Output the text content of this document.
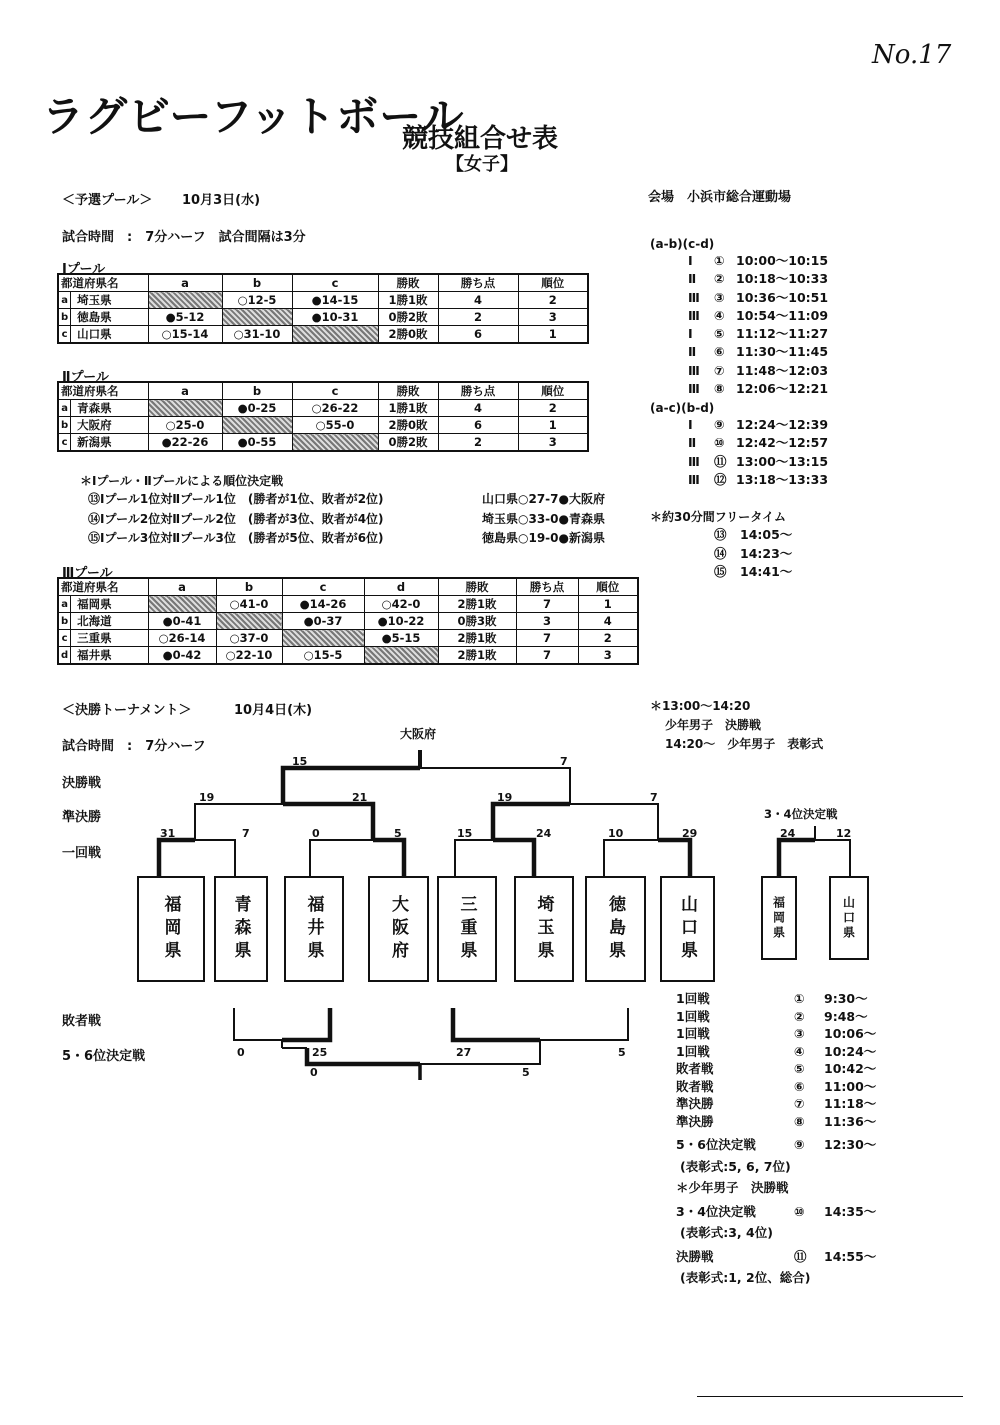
No.17
ラグビーフットボール
競技組合せ表
【女子】
＜予選プール＞ 10月3日(水)	会場　小浜市総合運動場
試合時間　:　7分ハーフ　試合間隔は3分
Ⅰプール
都道府県名		a	b	c	勝敗	勝ち点	順位
a	埼玉県		○12-5	●14-15	1勝1敗	4	2
b	徳島県	●5-12		●10-31	0勝2敗	2	3
c	山口県	○15-14	○31-10		2勝0敗	6	1
Ⅱプール
都道府県名		a	b	c	勝敗	勝ち点	順位
a	青森県		●0-25	○26-22	1勝1敗	4	2
b	大阪府	○25-0		○55-0	2勝0敗	6	1
c	新潟県	●22-26	●0-55		0勝2敗	2	3
＊Ⅰプール・Ⅱプールによる順位決定戦
⑬Ⅰプール1位対Ⅱプール1位　(勝者が1位、敗者が2位)	山口県○27-7●大阪府
⑭Ⅰプール2位対Ⅱプール2位　(勝者が3位、敗者が4位)	埼玉県○33-0●青森県
⑮Ⅰプール3位対Ⅱプール3位　(勝者が5位、敗者が6位)	徳島県○19-0●新潟県
Ⅲプール
都道府県名		a	b	c	d	勝敗	勝ち点	順位
a	福岡県		○41-0	●14-26	○42-0	2勝1敗	7	1
b	北海道	●0-41		●0-37	●10-22	0勝3敗	3	4
c	三重県	○26-14	○37-0		●5-15	2勝1敗	7	2
d	福井県	●0-42	○22-10	○15-5		2勝1敗	7	3
(a-b)(c-d)
Ⅰ ① 10:00～10:15
Ⅱ ② 10:18～10:33
Ⅲ ③ 10:36～10:51
Ⅲ ④ 10:54～11:09
Ⅰ ⑤ 11:12～11:27
Ⅱ ⑥ 11:30～11:45
Ⅲ ⑦ 11:48～12:03
Ⅲ ⑧ 12:06～12:21
(a-c)(b-d)
Ⅰ ⑨ 12:24～12:39
Ⅱ ⑩ 12:42～12:57
Ⅲ ⑪ 13:00～13:15
Ⅲ ⑫ 13:18～13:33
＊約30分間フリータイム
⑬ 14:05～
⑭ 14:23～
⑮ 14:41～
＜決勝トーナメント＞	10月4日(木)
試合時間　:　7分ハーフ
＊13:00～14:20
少年男子　決勝戦
14:20～　少年男子　表彰式
決勝戦
準決勝
一回戦
敗者戦
5・6位決定戦
大阪府
3・4位決定戦
福岡県	青森県	福井県	大阪府	三重県	埼玉県	徳島県	山口県	福岡県	山口県
15	7
19	21	19	7
31	7	0	5	15	24	10	29	24	12
0	25	27	5
0	5
1回戦	① 9:30～
1回戦	② 9:48～
1回戦	③ 10:06～
1回戦	④ 10:24～
敗者戦	⑤ 10:42～
敗者戦	⑥ 11:00～
準決勝	⑦ 11:18～
準決勝	⑧ 11:36～
5・6位決定戦	⑨ 12:30～
(表彰式:5, 6, 7位)
＊少年男子　決勝戦
3・4位決定戦	⑩ 14:35～
(表彰式:3, 4位)
決勝戦	⑪ 14:55～
(表彰式:1, 2位、総合)
